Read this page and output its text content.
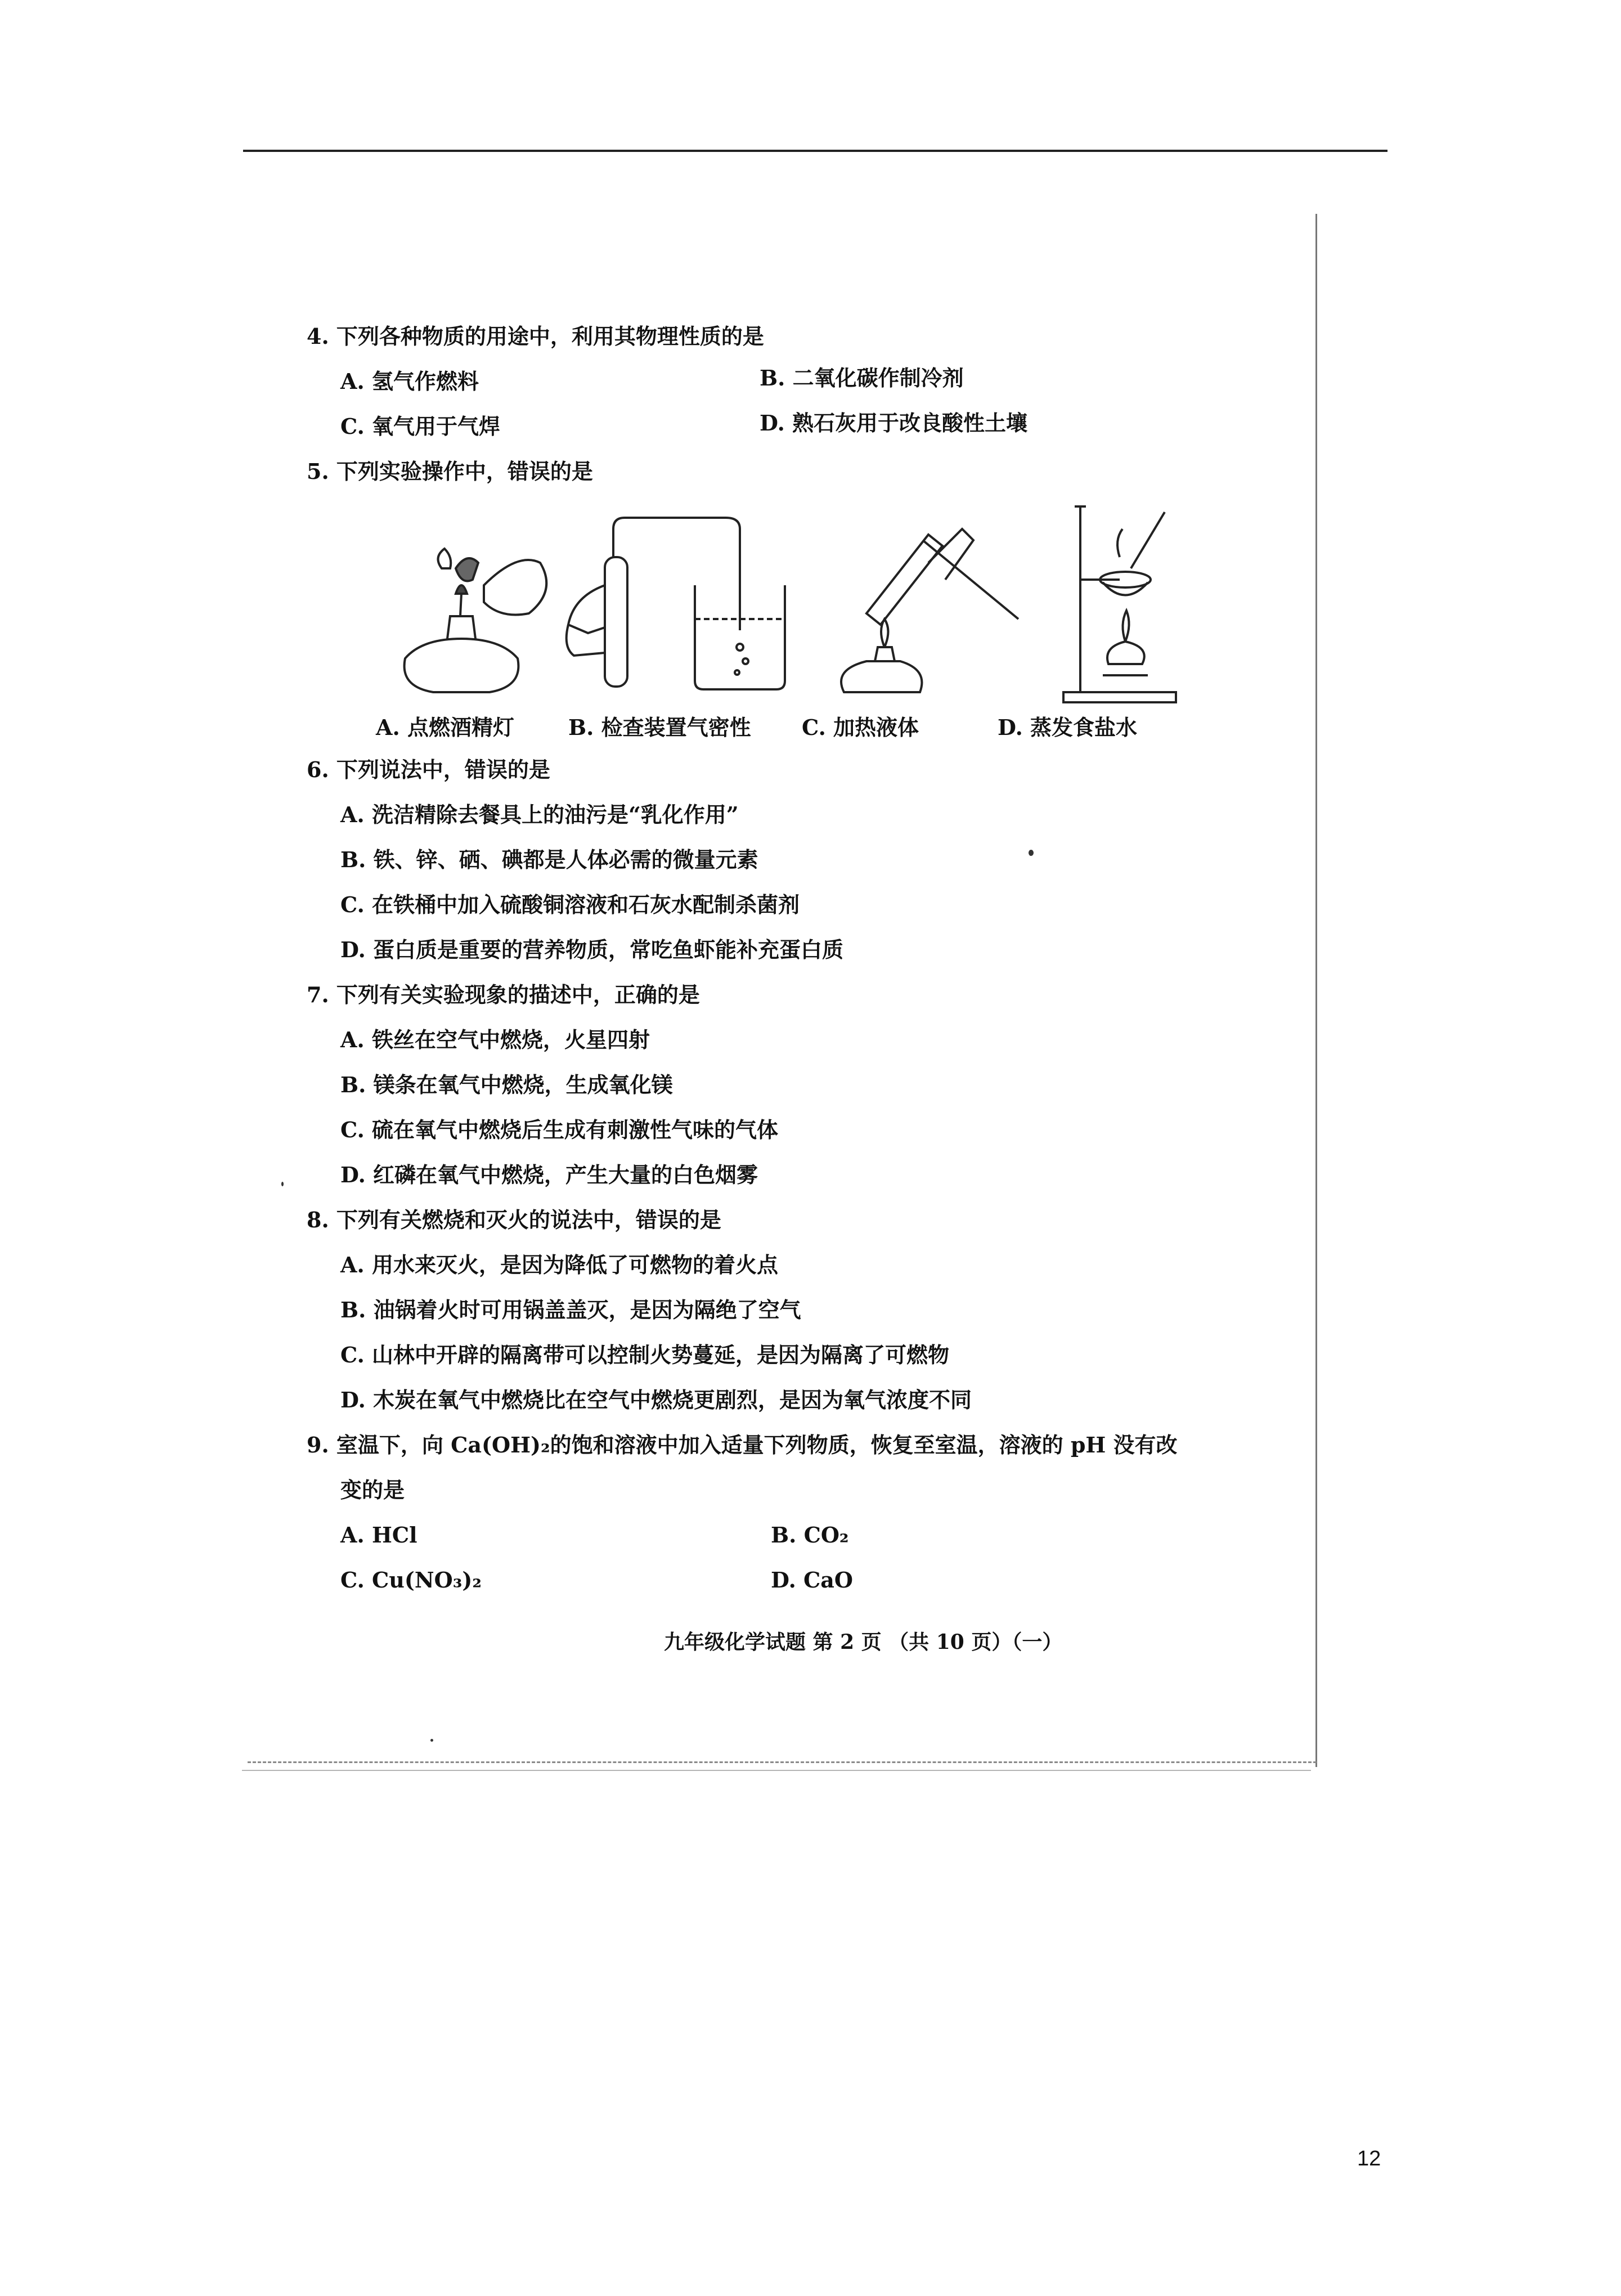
4. 下列各种物质的用途中，利用其物理性质的是
A. 氢气作燃料	B. 二氧化碳作制冷剂
C. 氧气用于气焊	D. 熟石灰用于改良酸性土壤
5. 下列实验操作中，错误的是
A. 点燃酒精灯	B. 检查装置气密性 C. 加热液体	D. 蒸发食盐水
6. 下列说法中，错误的是
A. 洗洁精除去餐具上的油污是“乳化作用”
B. 铁、锌、硒、碘都是人体必需的微量元素
C. 在铁桶中加入硫酸铜溶液和石灰水配制杀菌剂
D. 蛋白质是重要的营养物质，常吃鱼虾能补充蛋白质
7. 下列有关实验现象的描述中，正确的是
A. 铁丝在空气中燃烧，火星四射
B. 镁条在氧气中燃烧，生成氧化镁
C. 硫在氧气中燃烧后生成有刺激性气味的气体
D. 红磷在氧气中燃烧，产生大量的白色烟雾
8. 下列有关燃烧和灭火的说法中，错误的是
A. 用水来灭火，是因为降低了可燃物的着火点
B. 油锅着火时可用锅盖盖灭，是因为隔绝了空气
C. 山林中开辟的隔离带可以控制火势蔓延，是因为隔离了可燃物
D. 木炭在氧气中燃烧比在空气中燃烧更剧烈，是因为氧气浓度不同
9. 室温下，向 Ca(OH)₂的饱和溶液中加入适量下列物质，恢复至室温，溶液的 pH 没有改
变的是
A. HCl	B. CO₂
C. Cu(NO₃)₂	D. CaO
九年级化学试题 第 2 页 （共 10 页）（一）
12
